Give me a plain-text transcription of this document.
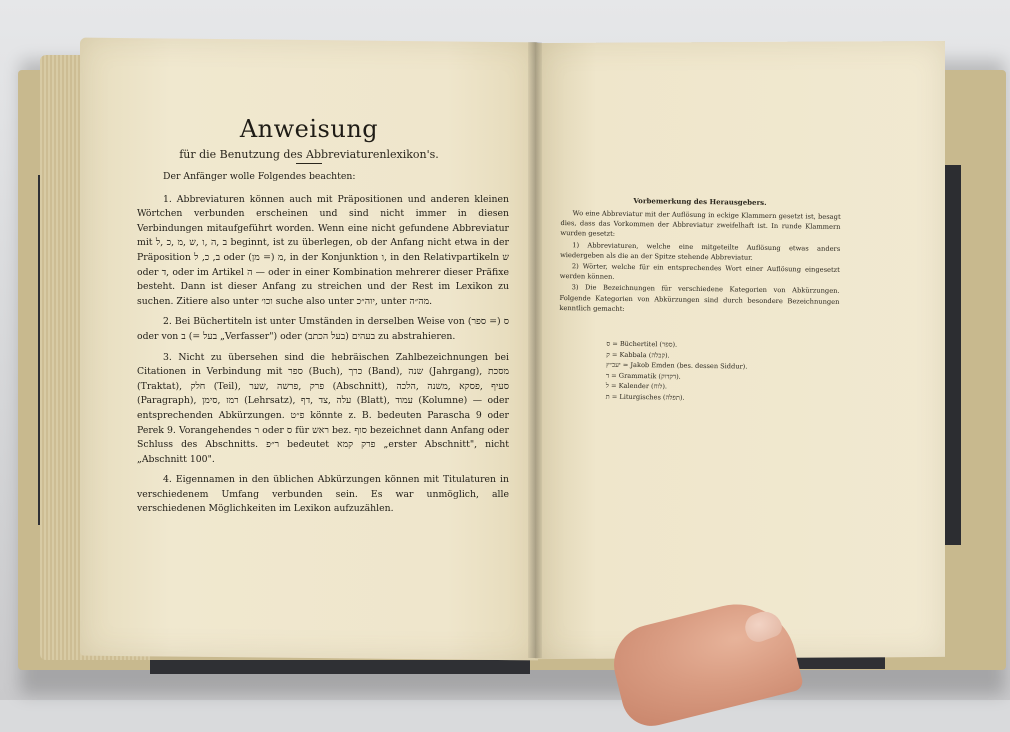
Anweisung
für die Benutzung des Abbreviaturenlexikon's.

Der Anfänger wolle Folgendes beachten:

1. Abbreviaturen können auch mit Präpositionen und anderen kleinen Wörtchen verbunden erscheinen und sind nicht immer in diesen Verbindungen mitaufgeführt worden. Wenn eine nicht gefundene Abbreviatur mit ב ,ה ,ו ,ש ,מ ,כ ,ל beginnt, ist zu überlegen, ob der Anfang nicht etwa in der Präposition ב, כ, ל oder מ (= מן), in der Konjunktion ו, in den Relativpartikeln ש oder ד, oder im Artikel ה — oder in einer Kombination mehrerer dieser Präfixe besteht. Dann ist dieser Anfang zu streichen und der Rest im Lexikon zu suchen. Zitiere also unter וכו׳ suche also unter יוה״כ, unter מה״ה.

2. Bei Büchertiteln ist unter Umständen in derselben Weise von ס (= ספר) oder von ב (= בעל „Verfasser") oder בעהים (בעל הכתב) zu abstrahieren.

3. Nicht zu übersehen sind die hebräischen Zahlbezeichnungen bei Citationen in Verbindung mit ספר (Buch), כרך (Band), שנה (Jahrgang), מסכת (Traktat), חלק (Teil), פרק ,פרשה ,שער (Abschnitt), סעיף ,פסקא ,משנה ,הלכה (Paragraph), רמז ,סימן (Lehrsatz), עלה ,צד ,דף (Blatt), עמוד (Kolumne) — oder entsprechenden Abkürzungen. פ״ט könnte z. B. bedeuten Paraschа 9 oder Perek 9. Vorangehendes ר oder ס für ראש bez. סוף bezeichnet dann Anfang oder Schluss des Abschnitts. ר״פ bedeutet פרק קמא „erster Abschnitt", nicht „Abschnitt 100".

4. Eigennamen in den üblichen Abkürzungen können mit Titulaturen in verschiedenem Umfang verbunden sein. Es war unmöglich, alle verschiedenen Möglichkeiten im Lexikon aufzuzählen.

Vorbemerkung des Herausgebers.

Wo eine Abbreviatur mit der Auflösung in eckige Klammern gesetzt ist, besagt dies, dass das Vorkommen der Abbreviatur zweifelhaft ist. In runde Klammern wurden gesetzt:

1) Abbreviaturen, welche eine mitgeteilte Auflösung etwas anders wiedergeben als die an der Spitze stehende Abbreviatur.

2) Wörter, welche für ein entsprechendes Wort einer Auflösung eingesetzt werden können.

3) Die Bezeichnungen für verschiedene Kategorien von Abkürzungen. Folgende Kategorien von Abkürzungen sind durch besondere Bezeichnungen kenntlich gemacht:

ס = Büchertitel (ספר).
ק = Kabbala (קבלה).
יעב״ץ = Jakob Emden (bes. dessen Siddur).
ד = Grammatik (דקדוק).
ל = Kalender (לוח).
ת = Liturgisches (תפלה).
